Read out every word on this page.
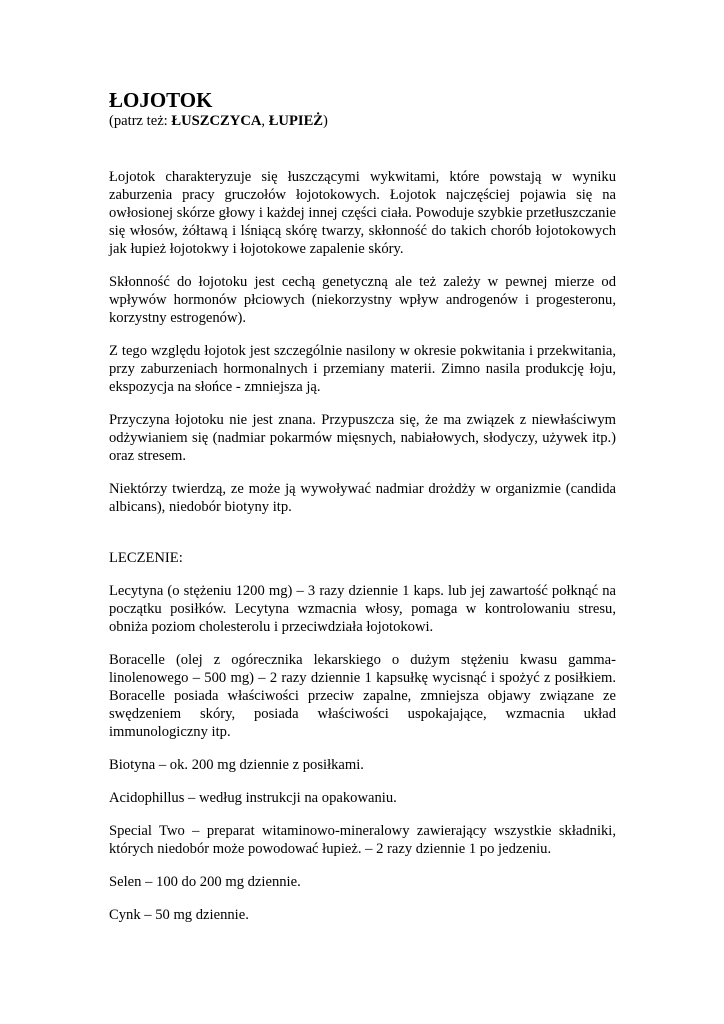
ŁOJOTOK
(patrz też: ŁUSZCZYCA, ŁUPIEŻ)

Łojotok charakteryzuje się łuszczącymi wykwitami, które powstają w wyniku zaburzenia pracy gruczołów łojotokowych. Łojotok najczęściej pojawia się na owłosionej skórze głowy i każdej innej części ciała. Powoduje szybkie przetłuszczanie się włosów, żółtawą i lśniącą skórę twarzy, skłonność do takich chorób łojotokowych jak łupież łojotokwy i łojotokowe zapalenie skóry.

Skłonność do łojotoku jest cechą genetyczną ale też zależy w pewnej mierze od wpływów hormonów płciowych (niekorzystny wpływ androgenów i progesteronu, korzystny estrogenów).

Z tego względu łojotok jest szczególnie nasilony w okresie pokwitania i przekwitania, przy zaburzeniach hormonalnych i przemiany materii. Zimno nasila produkcję łoju, ekspozycja na słońce - zmniejsza ją.

Przyczyna łojotoku nie jest znana. Przypuszcza się, że ma związek z niewłaściwym odżywianiem się (nadmiar pokarmów mięsnych, nabiałowych, słodyczy, używek itp.) oraz stresem.

Niektórzy twierdzą, ze może ją wywoływać nadmiar drożdży w organizmie (candida albicans), niedobór biotyny itp.

LECZENIE:

Lecytyna (o stężeniu 1200 mg) – 3 razy dziennie 1 kaps. lub jej zawartość połknąć na początku posiłków. Lecytyna wzmacnia włosy, pomaga w kontrolowaniu stresu, obniża poziom cholesterolu i przeciwdziała łojotokowi.

Boracelle (olej z ogórecznika lekarskiego o dużym stężeniu kwasu gamma-linolenowego – 500 mg) – 2 razy dziennie 1 kapsułkę wycisnąć i spożyć z posiłkiem. Boracelle posiada właściwości przeciw zapalne, zmniejsza objawy związane ze swędzeniem skóry, posiada właściwości uspokajające, wzmacnia układ immunologiczny itp.

Biotyna – ok. 200 mg dziennie z posiłkami.

Acidophillus – według instrukcji na opakowaniu.

Special Two – preparat witaminowo-mineralowy zawierający wszystkie składniki, których niedobór może powodować łupież. – 2 razy dziennie 1 po jedzeniu.

Selen – 100 do 200 mg dziennie.

Cynk – 50 mg dziennie.
